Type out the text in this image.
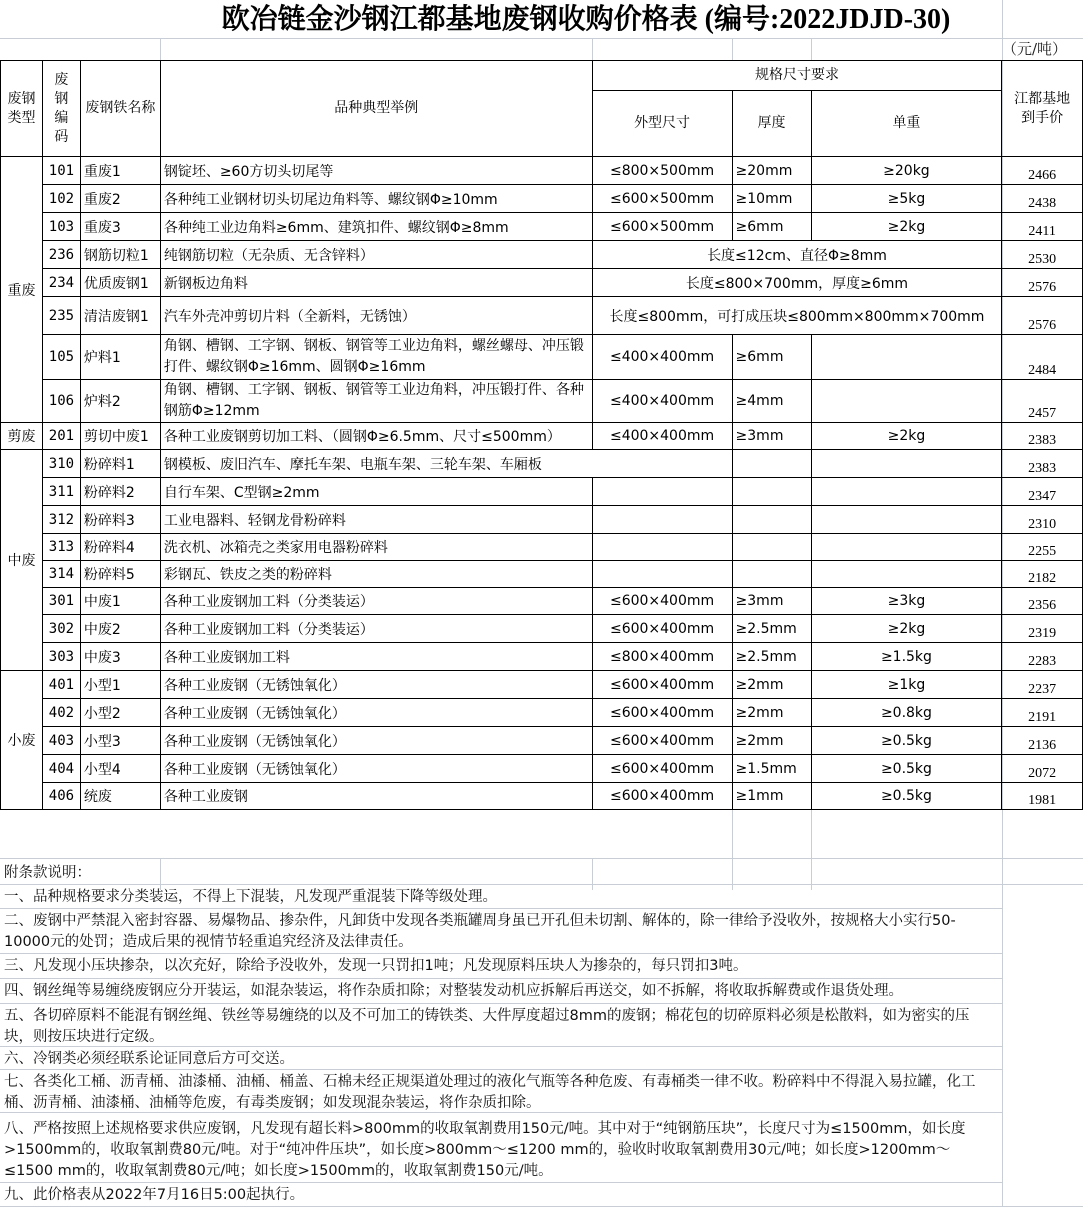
欧冶链金沙钢江都基地废钢收购价格表 (编号:2022JDJD-30)
（元/吨）
废钢类型	废钢编码	废钢铁名称	品种典型举例	规格尺寸要求			江都基地到手价
				外型尺寸	厚度	单重	
重废	101	重废1	钢锭坯、≥60方切头切尾等	≤800×500mm	≥20mm	≥20kg	2466
	102	重废2	各种纯工业钢材切头切尾边角料等、螺纹钢Φ≥10mm	≤600×500mm	≥10mm	≥5kg	2438
	103	重废3	各种纯工业边角料≥6mm、建筑扣件、螺纹钢Φ≥8mm	≤600×500mm	≥6mm	≥2kg	2411
	236	钢筋切粒1	纯钢筋切粒（无杂质、无含锌料）	长度≤12cm、直径Φ≥8mm			2530
	234	优质废钢1	新钢板边角料	长度≤800×700mm，厚度≥6mm			2576
	235	清洁废钢1	汽车外壳冲剪切片料（全新料，无锈蚀）	长度≤800mm，可打成压块≤800mm×800mm×700mm			2576
	105	炉料1	角钢、槽钢、工字钢、钢板、钢管等工业边角料，螺丝螺母、冲压锻打件、螺纹钢Φ≥16mm、圆钢Φ≥16mm	≤400×400mm	≥6mm		2484
	106	炉料2	角钢、槽钢、工字钢、钢板、钢管等工业边角料，冲压锻打件、各种钢筋Φ≥12mm	≤400×400mm	≥4mm		2457
剪废	201	剪切中废1	各种工业废钢剪切加工料、（圆钢Φ≥6.5mm、尺寸≤500mm）	≤400×400mm	≥3mm	≥2kg	2383
中废	310	粉碎料1	钢模板、废旧汽车、摩托车架、电瓶车架、三轮车架、车厢板				2383
	311	粉碎料2	自行车架、C型钢≥2mm				2347
	312	粉碎料3	工业电器料、轻钢龙骨粉碎料				2310
	313	粉碎料4	洗衣机、冰箱壳之类家用电器粉碎料				2255
	314	粉碎料5	彩钢瓦、铁皮之类的粉碎料				2182
	301	中废1	各种工业废钢加工料（分类装运）	≤600×400mm	≥3mm	≥3kg	2356
	302	中废2	各种工业废钢加工料（分类装运）	≤600×400mm	≥2.5mm	≥2kg	2319
	303	中废3	各种工业废钢加工料	≤800×400mm	≥2.5mm	≥1.5kg	2283
小废	401	小型1	各种工业废钢（无锈蚀氧化）	≤600×400mm	≥2mm	≥1kg	2237
	402	小型2	各种工业废钢（无锈蚀氧化）	≤600×400mm	≥2mm	≥0.8kg	2191
	403	小型3	各种工业废钢（无锈蚀氧化）	≤600×400mm	≥2mm	≥0.5kg	2136
	404	小型4	各种工业废钢（无锈蚀氧化）	≤600×400mm	≥1.5mm	≥0.5kg	2072
	406	统废	各种工业废钢	≤600×400mm	≥1mm	≥0.5kg	1981
附条款说明：
一、品种规格要求分类装运，不得上下混装，凡发现严重混装下降等级处理。
二、废钢中严禁混入密封容器、易爆物品、掺杂件，凡卸货中发现各类瓶罐周身虽已开孔但未切割、解体的，除一律给予没收外，按规格大小实行50-10000元的处罚；造成后果的视情节轻重追究经济及法律责任。
三、凡发现小压块掺杂，以次充好，除给予没收外，发现一只罚扣1吨；凡发现原料压块人为掺杂的，每只罚扣3吨。
四、钢丝绳等易缠绕废钢应分开装运，如混杂装运，将作杂质扣除；对整装发动机应拆解后再送交，如不拆解，将收取拆解费或作退货处理。
五、各切碎原料不能混有钢丝绳、铁丝等易缠绕的以及不可加工的铸铁类、大件厚度超过8mm的废钢；棉花包的切碎原料必须是松散料，如为密实的压块，则按压块进行定级。
六、冷钢类必须经联系论证同意后方可交送。
七、各类化工桶、沥青桶、油漆桶、油桶、桶盖、石棉未经正规渠道处理过的液化气瓶等各种危废、有毒桶类一律不收。粉碎料中不得混入易拉罐，化工桶、沥青桶、油漆桶、油桶等危废，有毒类废钢；如发现混杂装运，将作杂质扣除。
八、严格按照上述规格要求供应废钢，凡发现有超长料>800mm的收取氧割费用150元/吨。其中对于“纯钢筋压块”，长度尺寸为≤1500mm，如长度>1500mm的，收取氧割费80元/吨。对于“纯冲件压块”，如长度>800mm～≤1200 mm的，验收时收取氧割费用30元/吨；如长度>1200mm～≤1500 mm的，收取氧割费80元/吨；如长度>1500mm的，收取氧割费150元/吨。
九、此价格表从2022年7月16日5:00起执行。
